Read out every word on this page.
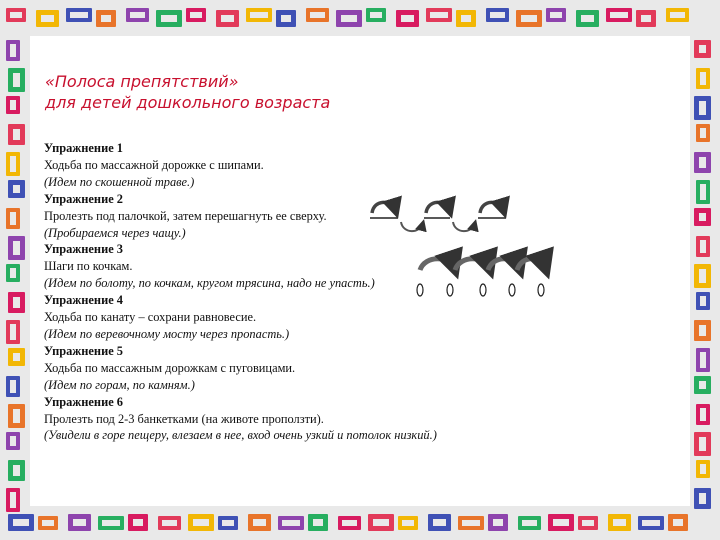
«Полоса препятствий»
для детей дошкольного возраста
Упражнение 1
Ходьба по массажной дорожке с шипами.
(Идем по скошенной траве.)
Упражнение 2
Пролезть под палочкой, затем перешагнуть ее сверху.
(Пробираемся через чащу.)
Упражнение 3
Шаги по кочкам.
(Идем по болоту, по кочкам, кругом трясина, надо не упасть.)
Упражнение 4
Ходьба по канату – сохрани равновесие.
(Идем по веревочному мосту через пропасть.)
Упражнение 5
Ходьба по массажным дорожкам с пуговицами.
(Идем по горам, по камням.)
Упражнение 6
Пролезть под 2-3 банкетками (на животе проползти).
(Увидели в горе пещеру, влезаем в нее, вход очень узкий и потолок низкий.)
